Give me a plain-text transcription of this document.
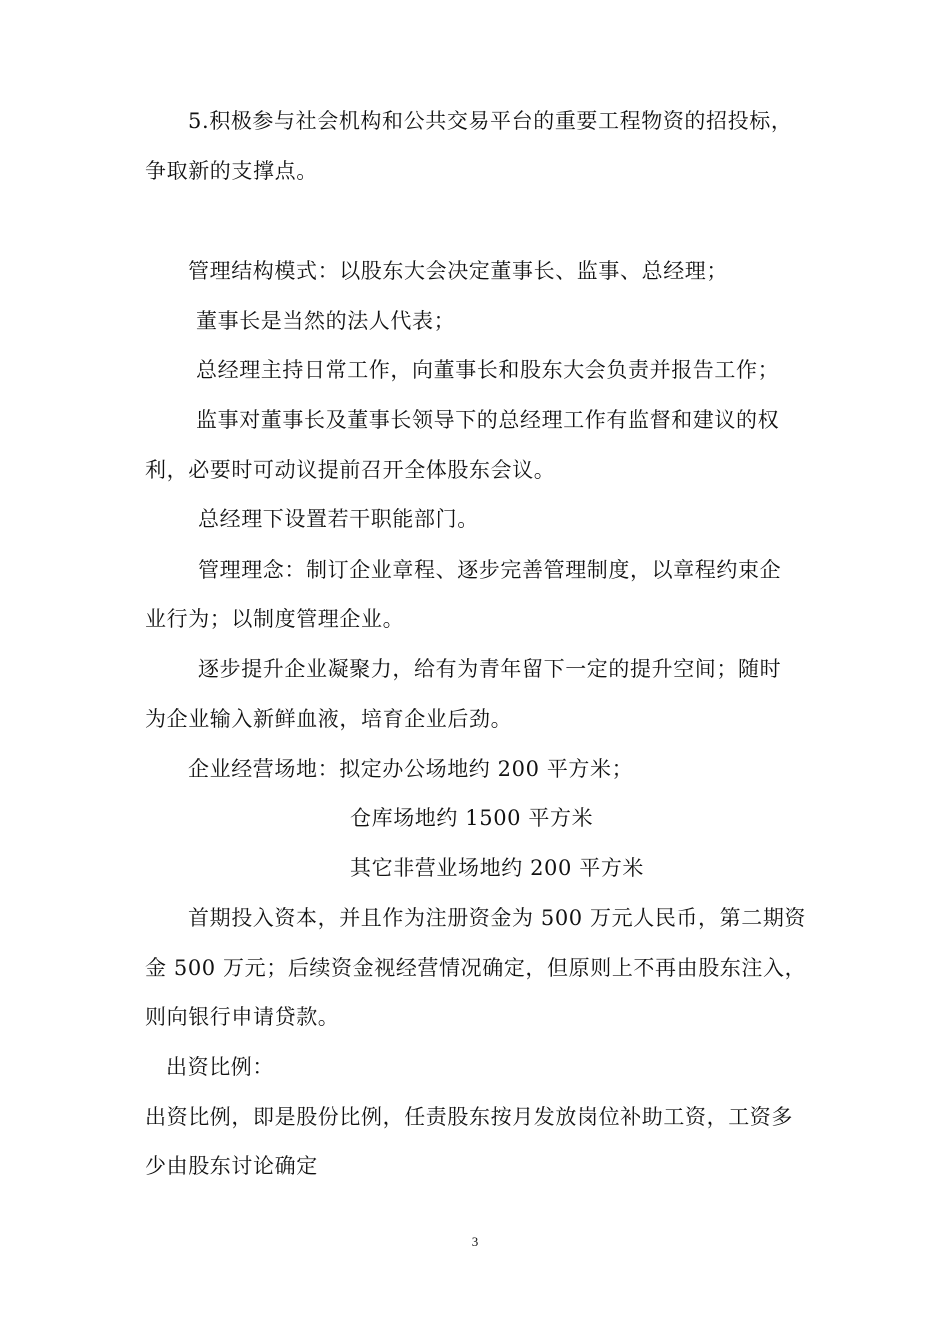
5.积极参与社会机构和公共交易平台的重要工程物资的招投标，
争取新的支撑点。
管理结构模式：以股东大会决定董事长、监事、总经理；
董事长是当然的法人代表；
总经理主持日常工作，向董事长和股东大会负责并报告工作；
监事对董事长及董事长领导下的总经理工作有监督和建议的权
利，必要时可动议提前召开全体股东会议。
总经理下设置若干职能部门。
管理理念：制订企业章程、逐步完善管理制度，以章程约束企
业行为；以制度管理企业。
逐步提升企业凝聚力，给有为青年留下一定的提升空间；随时
为企业输入新鲜血液，培育企业后劲。
企业经营场地：拟定办公场地约 200 平方米；
仓库场地约 1500 平方米
其它非营业场地约 200 平方米
首期投入资本，并且作为注册资金为 500 万元人民币，第二期资
金 500 万元；后续资金视经营情况确定，但原则上不再由股东注入，
则向银行申请贷款。
出资比例：
出资比例，即是股份比例，任责股东按月发放岗位补助工资，工资多
少由股东讨论确定
3
